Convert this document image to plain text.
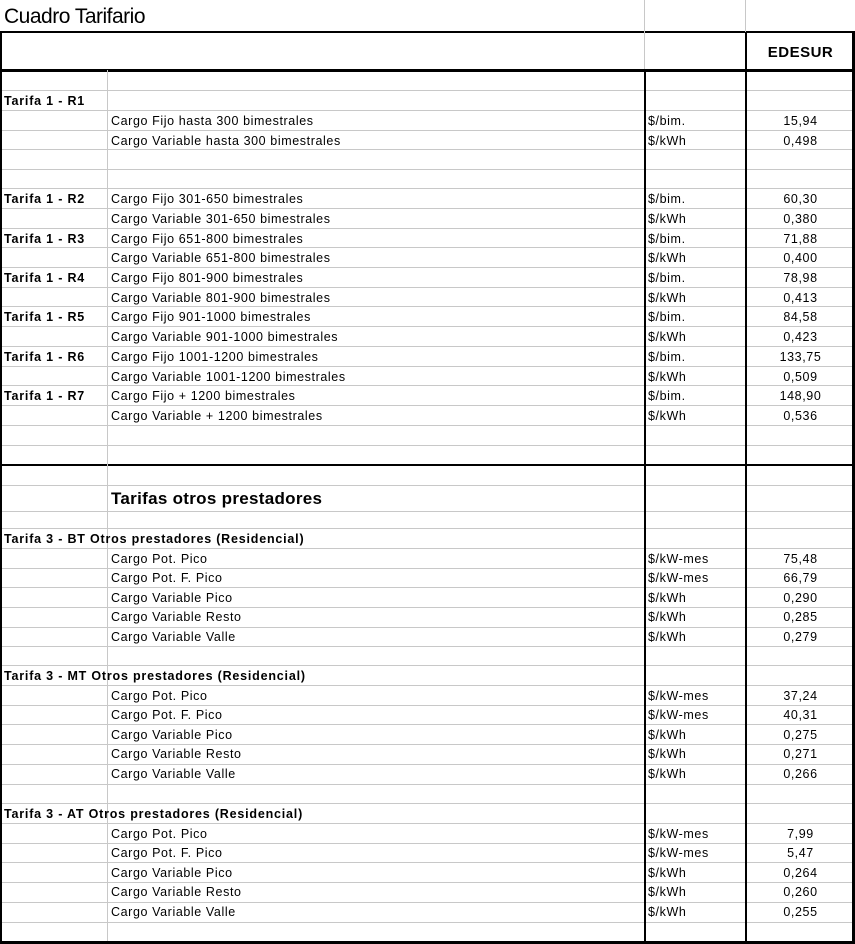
Cuadro Tarifario
EDESUR
Tarifa 1 - R1
Cargo Fijo hasta 300 bimestrales	$/bim.	15,94
Cargo Variable hasta 300 bimestrales	$/kWh	0,498
Tarifa 1 - R2	Cargo Fijo 301-650 bimestrales	$/bim.	60,30
Cargo Variable 301-650 bimestrales	$/kWh	0,380
Tarifa 1 - R3	Cargo Fijo 651-800 bimestrales	$/bim.	71,88
Cargo Variable 651-800 bimestrales	$/kWh	0,400
Tarifa 1 - R4	Cargo Fijo 801-900 bimestrales	$/bim.	78,98
Cargo Variable 801-900 bimestrales	$/kWh	0,413
Tarifa 1 - R5	Cargo Fijo 901-1000 bimestrales	$/bim.	84,58
Cargo Variable 901-1000 bimestrales	$/kWh	0,423
Tarifa 1 - R6	Cargo Fijo 1001-1200 bimestrales	$/bim.	133,75
Cargo Variable 1001-1200 bimestrales	$/kWh	0,509
Tarifa 1 - R7	Cargo Fijo + 1200 bimestrales	$/bim.	148,90
Cargo Variable + 1200 bimestrales	$/kWh	0,536
Tarifas otros prestadores
Tarifa 3 - BT Otros prestadores (Residencial)
Cargo Pot. Pico	$/kW-mes	75,48
Cargo Pot. F. Pico	$/kW-mes	66,79
Cargo Variable Pico	$/kWh	0,290
Cargo Variable Resto	$/kWh	0,285
Cargo Variable Valle	$/kWh	0,279
Tarifa 3 - MT Otros prestadores (Residencial)
Cargo Pot. Pico	$/kW-mes	37,24
Cargo Pot. F. Pico	$/kW-mes	40,31
Cargo Variable Pico	$/kWh	0,275
Cargo Variable Resto	$/kWh	0,271
Cargo Variable Valle	$/kWh	0,266
Tarifa 3 - AT Otros prestadores (Residencial)
Cargo Pot. Pico	$/kW-mes	7,99
Cargo Pot. F. Pico	$/kW-mes	5,47
Cargo Variable Pico	$/kWh	0,264
Cargo Variable Resto	$/kWh	0,260
Cargo Variable Valle	$/kWh	0,255
